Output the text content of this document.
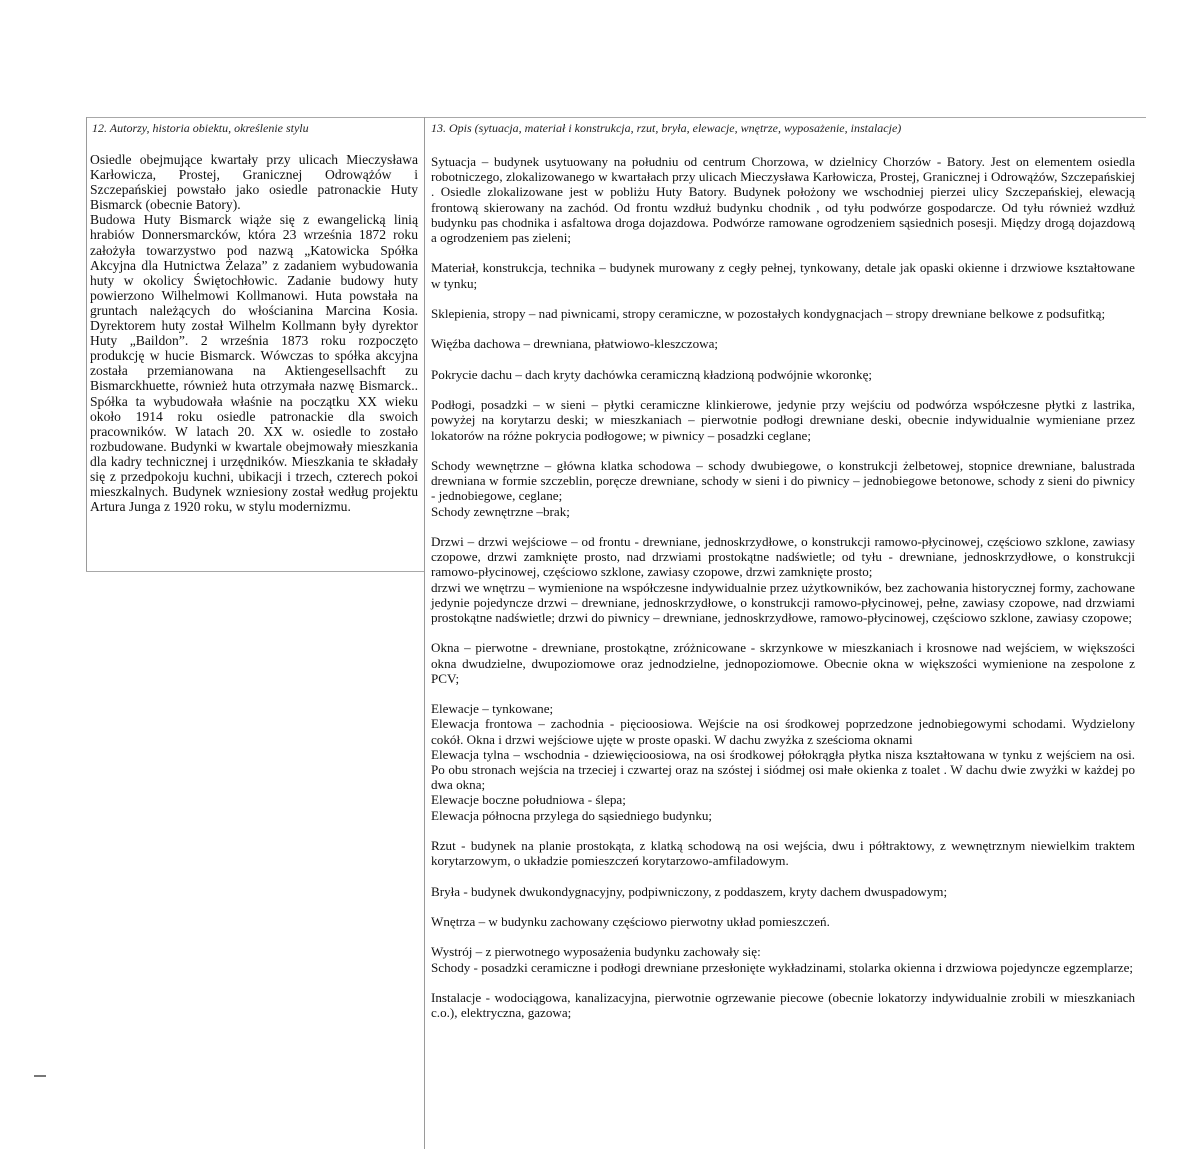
12. Autorzy, historia obiektu, określenie stylu	13. Opis (sytuacja, materiał i konstrukcja, rzut, bryła, elewacje, wnętrze, wyposażenie, instalacje)

Osiedle obejmujące kwartały przy ulicach Mieczysława Karłowicza, Prostej, Granicznej Odrowążów i Szczepańskiej powstało jako osiedle patronackie Huty Bismarck (obecnie Batory).

Budowa Huty Bismarck wiąże się z ewangelicką linią hrabiów Donnersmarcków, która 23 września 1872 roku założyła towarzystwo pod nazwą „Katowicka Spółka Akcyjna dla Hutnictwa Żelaza” z zadaniem wybudowania huty w okolicy Świętochłowic. Zadanie budowy huty powierzono Wilhelmowi Kollmanowi. Huta powstała na gruntach należących do włościanina Marcina Kosia. Dyrektorem huty został Wilhelm Kollmann były dyrektor Huty „Baildon”. 2 września 1873 roku rozpoczęto produkcję w hucie Bismarck. Wówczas to spółka akcyjna została przemianowana na Aktiengesellsachft zu Bismarckhuette, również huta otrzymała nazwę Bismarck.. Spółka ta wybudowała właśnie na początku XX wieku około 1914 roku osiedle patronackie dla swoich pracowników. W latach 20. XX w. osiedle to zostało rozbudowane. Budynki w kwartale obejmowały mieszkania dla kadry technicznej i urzędników. Mieszkania te składały się z przedpokoju kuchni, ubikacji i trzech, czterech pokoi mieszkalnych. Budynek wzniesiony został według projektu Artura Junga z 1920 roku, w stylu modernizmu.

Sytuacja – budynek usytuowany na południu od centrum Chorzowa, w dzielnicy Chorzów - Batory. Jest on elementem osiedla robotniczego, zlokalizowanego w kwartałach przy ulicach Mieczysława Karłowicza, Prostej, Granicznej i Odrowążów, Szczepańskiej . Osiedle zlokalizowane jest w pobliżu Huty Batory. Budynek położony we wschodniej pierzei ulicy Szczepańskiej, elewacją frontową skierowany na zachód. Od frontu wzdłuż budynku chodnik , od tyłu podwórze gospodarcze. Od tyłu również wzdłuż budynku pas chodnika i asfaltowa droga dojazdowa. Podwórze ramowane ogrodzeniem sąsiednich posesji. Między drogą dojazdową a ogrodzeniem pas zieleni;

Materiał, konstrukcja, technika – budynek murowany z cegły pełnej, tynkowany, detale jak opaski okienne i drzwiowe kształtowane w tynku;

Sklepienia, stropy – nad piwnicami, stropy ceramiczne, w pozostałych kondygnacjach – stropy drewniane belkowe z podsufitką;

Więźba dachowa – drewniana, płatwiowo-kleszczowa;

Pokrycie dachu – dach kryty dachówka ceramiczną kładzioną podwójnie wkoronkę;

Podłogi, posadzki – w sieni – płytki ceramiczne klinkierowe, jedynie przy wejściu od podwórza współczesne płytki z lastrika, powyżej na korytarzu deski; w mieszkaniach – pierwotnie podłogi drewniane deski, obecnie indywidualnie wymieniane przez lokatorów na różne pokrycia podłogowe; w piwnicy – posadzki ceglane;

Schody wewnętrzne – główna klatka schodowa – schody dwubiegowe, o konstrukcji żelbetowej, stopnice drewniane, balustrada drewniana w formie szczeblin, poręcze drewniane, schody w sieni i do piwnicy – jednobiegowe betonowe, schody z sieni do piwnicy - jednobiegowe, ceglane;

Schody zewnętrzne –brak;

Drzwi – drzwi wejściowe – od frontu - drewniane, jednoskrzydłowe, o konstrukcji ramowo-płycinowej, częściowo szklone, zawiasy czopowe, drzwi zamknięte prosto, nad drzwiami prostokątne nadświetle; od tyłu - drewniane, jednoskrzydłowe, o konstrukcji ramowo-płycinowej, częściowo szklone, zawiasy czopowe, drzwi zamknięte prosto;

drzwi we wnętrzu – wymienione na współczesne indywidualnie przez użytkowników, bez zachowania historycznej formy, zachowane jedynie pojedyncze drzwi – drewniane, jednoskrzydłowe, o konstrukcji ramowo-płycinowej, pełne, zawiasy czopowe, nad drzwiami prostokątne nadświetle; drzwi do piwnicy – drewniane, jednoskrzydłowe, ramowo-płycinowej, częściowo szklone, zawiasy czopowe;

Okna – pierwotne - drewniane, prostokątne, zróżnicowane - skrzynkowe w mieszkaniach i krosnowe nad wejściem, w większości okna dwudzielne, dwupoziomowe oraz jednodzielne, jednopoziomowe. Obecnie okna w większości wymienione na zespolone z PCV;

Elewacje – tynkowane;

Elewacja frontowa – zachodnia - pięcioosiowa. Wejście na osi środkowej poprzedzone jednobiegowymi schodami. Wydzielony cokół. Okna i drzwi wejściowe ujęte w proste opaski. W dachu zwyżka z sześcioma oknami

Elewacja tylna – wschodnia - dziewięcioosiowa, na osi środkowej półokrągła płytka nisza kształtowana w tynku z wejściem na osi. Po obu stronach wejścia na trzeciej i czwartej oraz na szóstej i siódmej osi małe okienka z toalet . W dachu dwie zwyżki w każdej po dwa okna;

Elewacje boczne południowa - ślepa;

Elewacja północna przylega do sąsiedniego budynku;

Rzut - budynek na planie prostokąta, z klatką schodową na osi wejścia, dwu i półtraktowy, z wewnętrznym niewielkim traktem korytarzowym, o układzie pomieszczeń korytarzowo-amfiladowym.

Bryła - budynek dwukondygnacyjny, podpiwniczony, z poddaszem, kryty dachem dwuspadowym;

Wnętrza – w budynku zachowany częściowo pierwotny układ pomieszczeń.

Wystrój – z pierwotnego wyposażenia budynku zachowały się:

Schody - posadzki ceramiczne i podłogi drewniane przesłonięte wykładzinami, stolarka okienna i drzwiowa pojedyncze egzemplarze;

Instalacje - wodociągowa, kanalizacyjna, pierwotnie ogrzewanie piecowe (obecnie lokatorzy indywidualnie zrobili w mieszkaniach c.o.), elektryczna, gazowa;
